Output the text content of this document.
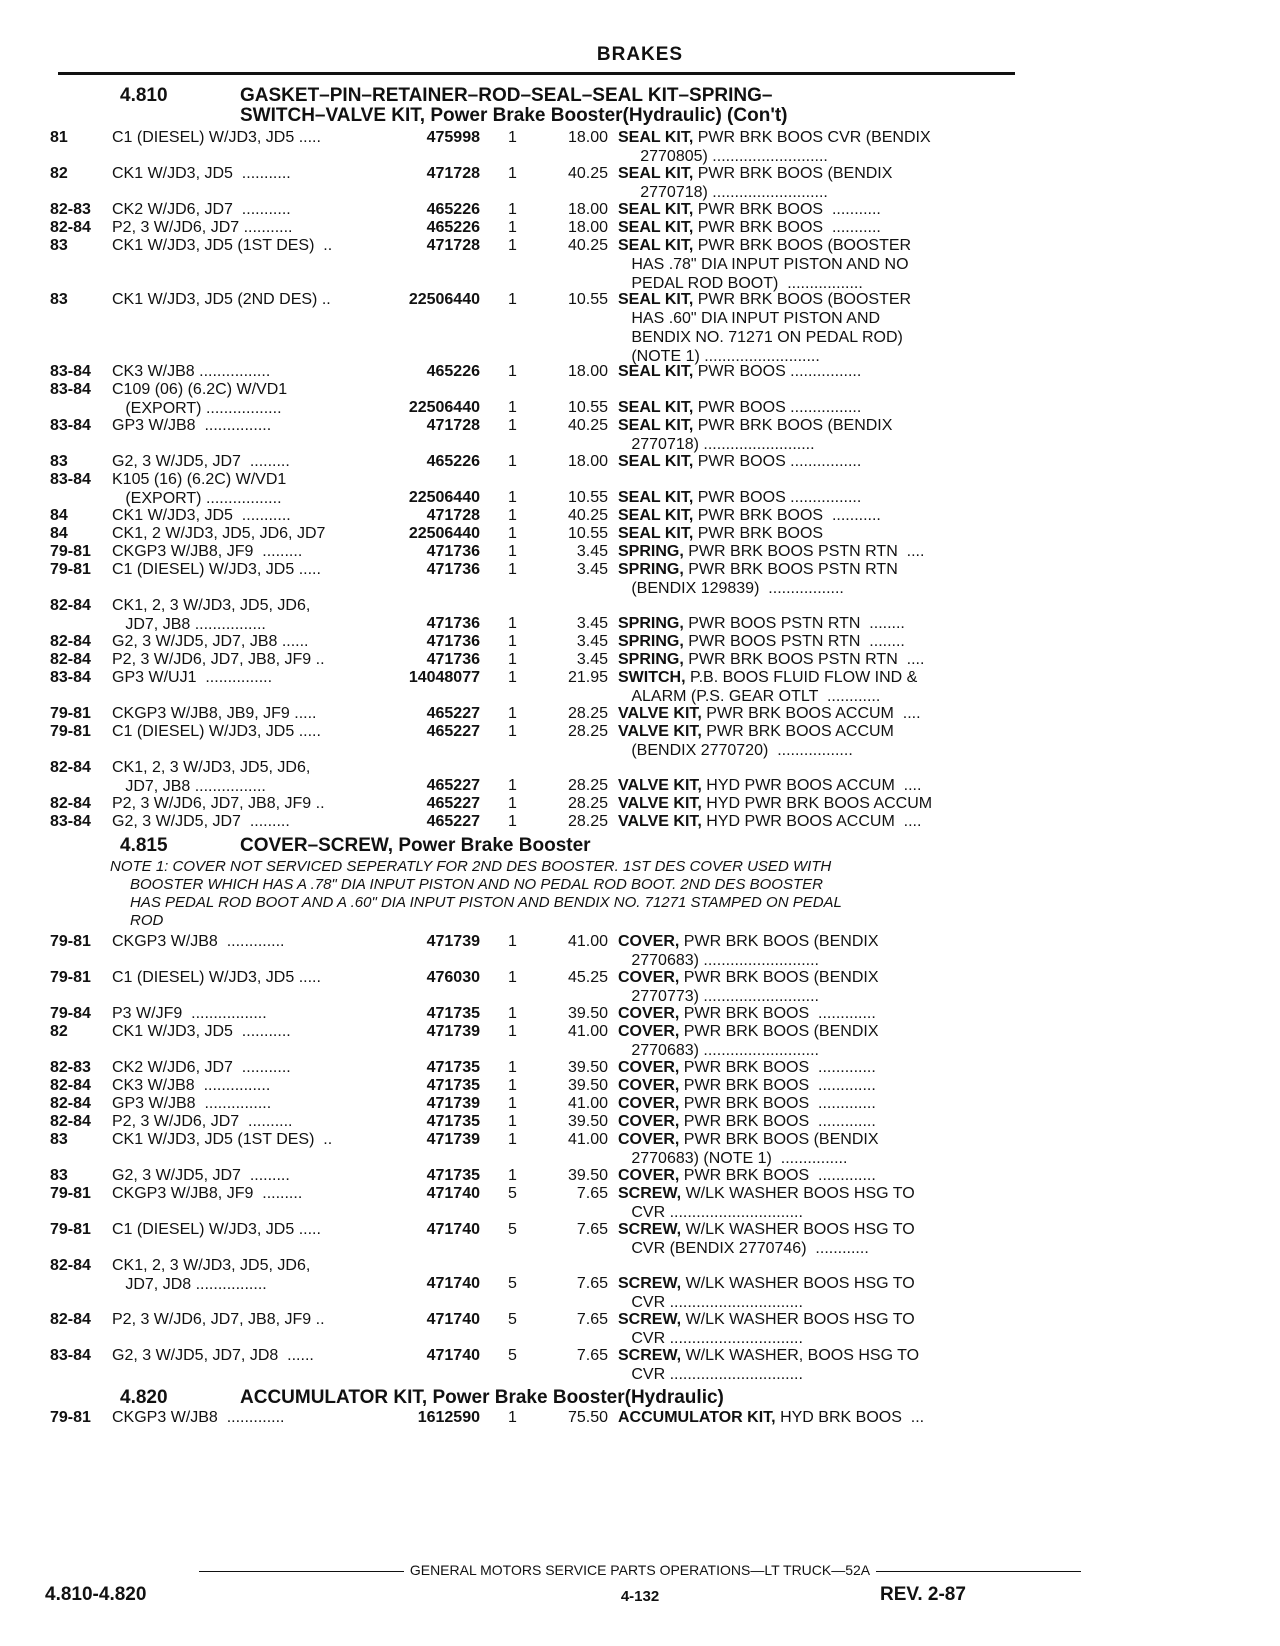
BRAKES
4.810	GASKET–PIN–RETAINER–ROD–SEAL–SEAL KIT–SPRING–
SWITCH–VALVE KIT, Power Brake Booster(Hydraulic) (Con't)
81	C1 (DIESEL) W/JD3, JD5 .....	475998 1	18.00 SEAL KIT, PWR BRK BOOS CVR (BENDIX
2770805) ..........................
82	CK1 W/JD3, JD5  ...........	471728 1	40.25 SEAL KIT, PWR BRK BOOS (BENDIX
2770718) ..........................
82-83	CK2 W/JD6, JD7  ...........	465226 1	18.00 SEAL KIT, PWR BRK BOOS  ...........
82-84	P2, 3 W/JD6, JD7 ...........	465226 1	18.00 SEAL KIT, PWR BRK BOOS  ...........
83	CK1 W/JD3, JD5 (1ST DES)  ..	471728 1	40.25 SEAL KIT, PWR BRK BOOS (BOOSTER
HAS .78" DIA INPUT PISTON AND NO
PEDAL ROD BOOT)  .................
83	CK1 W/JD3, JD5 (2ND DES) ..	22506440 1	10.55 SEAL KIT, PWR BRK BOOS (BOOSTER
HAS .60" DIA INPUT PISTON AND
BENDIX NO. 71271 ON PEDAL ROD)
(NOTE 1) ..........................
83-84	CK3 W/JB8 ................	465226 1	18.00 SEAL KIT, PWR BOOS ................
83-84	C109 (06) (6.2C) W/VD1
(EXPORT) .................	22506440 1	10.55 SEAL KIT, PWR BOOS ................
83-84	GP3 W/JB8  ...............	471728 1	40.25 SEAL KIT, PWR BRK BOOS (BENDIX
2770718) .........................
83	G2, 3 W/JD5, JD7  .........	465226 1	18.00 SEAL KIT, PWR BOOS ................
83-84	K105 (16) (6.2C) W/VD1
(EXPORT) .................	22506440 1	10.55 SEAL KIT, PWR BOOS ................
84	CK1 W/JD3, JD5  ...........	471728 1	40.25 SEAL KIT, PWR BRK BOOS  ...........
84	CK1, 2 W/JD3, JD5, JD6, JD7	22506440 1	10.55 SEAL KIT, PWR BRK BOOS
79-81	CKGP3 W/JB8, JF9  .........	471736 1	3.45 SPRING, PWR BRK BOOS PSTN RTN  ....
79-81	C1 (DIESEL) W/JD3, JD5 .....	471736 1	3.45 SPRING, PWR BRK BOOS PSTN RTN
(BENDIX 129839)  .................
82-84	CK1, 2, 3 W/JD3, JD5, JD6,
JD7, JB8 ................	471736 1	3.45 SPRING, PWR BOOS PSTN RTN  ........
82-84	G2, 3 W/JD5, JD7, JB8 ......	471736 1	3.45 SPRING, PWR BOOS PSTN RTN  ........
82-84	P2, 3 W/JD6, JD7, JB8, JF9 ..	471736 1	3.45 SPRING, PWR BRK BOOS PSTN RTN  ....
83-84	GP3 W/UJ1  ...............	14048077 1	21.95 SWITCH, P.B. BOOS FLUID FLOW IND &
ALARM (P.S. GEAR OTLT  ............
79-81	CKGP3 W/JB8, JB9, JF9 .....	465227 1	28.25 VALVE KIT, PWR BRK BOOS ACCUM  ....
79-81	C1 (DIESEL) W/JD3, JD5 .....	465227 1	28.25 VALVE KIT, PWR BRK BOOS ACCUM
(BENDIX 2770720)  .................
82-84	CK1, 2, 3 W/JD3, JD5, JD6,
JD7, JB8 ................	465227 1	28.25 VALVE KIT, HYD PWR BOOS ACCUM  ....
82-84	P2, 3 W/JD6, JD7, JB8, JF9 ..	465227 1	28.25 VALVE KIT, HYD PWR BRK BOOS ACCUM
83-84	G2, 3 W/JD5, JD7  .........	465227 1	28.25 VALVE KIT, HYD PWR BOOS ACCUM  ....
4.815	COVER–SCREW, Power Brake Booster
NOTE 1: COVER NOT SERVICED SEPERATLY FOR 2ND DES BOOSTER. 1ST DES COVER USED WITH
BOOSTER WHICH HAS A .78" DIA INPUT PISTON AND NO PEDAL ROD BOOT. 2ND DES BOOSTER
HAS PEDAL ROD BOOT AND A .60" DIA INPUT PISTON AND BENDIX NO. 71271 STAMPED ON PEDAL
ROD
79-81	CKGP3 W/JB8  .............	471739 1	41.00 COVER, PWR BRK BOOS (BENDIX
2770683) ..........................
79-81	C1 (DIESEL) W/JD3, JD5 .....	476030 1	45.25 COVER, PWR BRK BOOS (BENDIX
2770773) ..........................
79-84	P3 W/JF9  .................	471735 1	39.50 COVER, PWR BRK BOOS  .............
82	CK1 W/JD3, JD5  ...........	471739 1	41.00 COVER, PWR BRK BOOS (BENDIX
2770683) ..........................
82-83	CK2 W/JD6, JD7  ...........	471735 1	39.50 COVER, PWR BRK BOOS  .............
82-84	CK3 W/JB8  ...............	471735 1	39.50 COVER, PWR BRK BOOS  .............
82-84	GP3 W/JB8  ...............	471739 1	41.00 COVER, PWR BRK BOOS  .............
82-84	P2, 3 W/JD6, JD7  ..........	471735 1	39.50 COVER, PWR BRK BOOS  .............
83	CK1 W/JD3, JD5 (1ST DES)  ..	471739 1	41.00 COVER, PWR BRK BOOS (BENDIX
2770683) (NOTE 1)  ...............
83	G2, 3 W/JD5, JD7  .........	471735 1	39.50 COVER, PWR BRK BOOS  .............
79-81	CKGP3 W/JB8, JF9  .........	471740 5	7.65 SCREW, W/LK WASHER BOOS HSG TO
CVR ..............................
79-81	C1 (DIESEL) W/JD3, JD5 .....	471740 5	7.65 SCREW, W/LK WASHER BOOS HSG TO
CVR (BENDIX 2770746)  ............
82-84	CK1, 2, 3 W/JD3, JD5, JD6,
JD7, JD8 ................	471740 5	7.65 SCREW, W/LK WASHER BOOS HSG TO
CVR ..............................
82-84	P2, 3 W/JD6, JD7, JB8, JF9 ..	471740 5	7.65 SCREW, W/LK WASHER BOOS HSG TO
CVR ..............................
83-84	G2, 3 W/JD5, JD7, JD8  ......	471740 5	7.65 SCREW, W/LK WASHER, BOOS HSG TO
CVR ..............................
4.820	ACCUMULATOR KIT, Power Brake Booster(Hydraulic)
79-81	CKGP3 W/JB8  .............	1612590 1	75.50 ACCUMULATOR KIT, HYD BRK BOOS  ...
GENERAL MOTORS SERVICE PARTS OPERATIONS—LT TRUCK—52A
4.810-4.820	4-132	REV. 2-87
